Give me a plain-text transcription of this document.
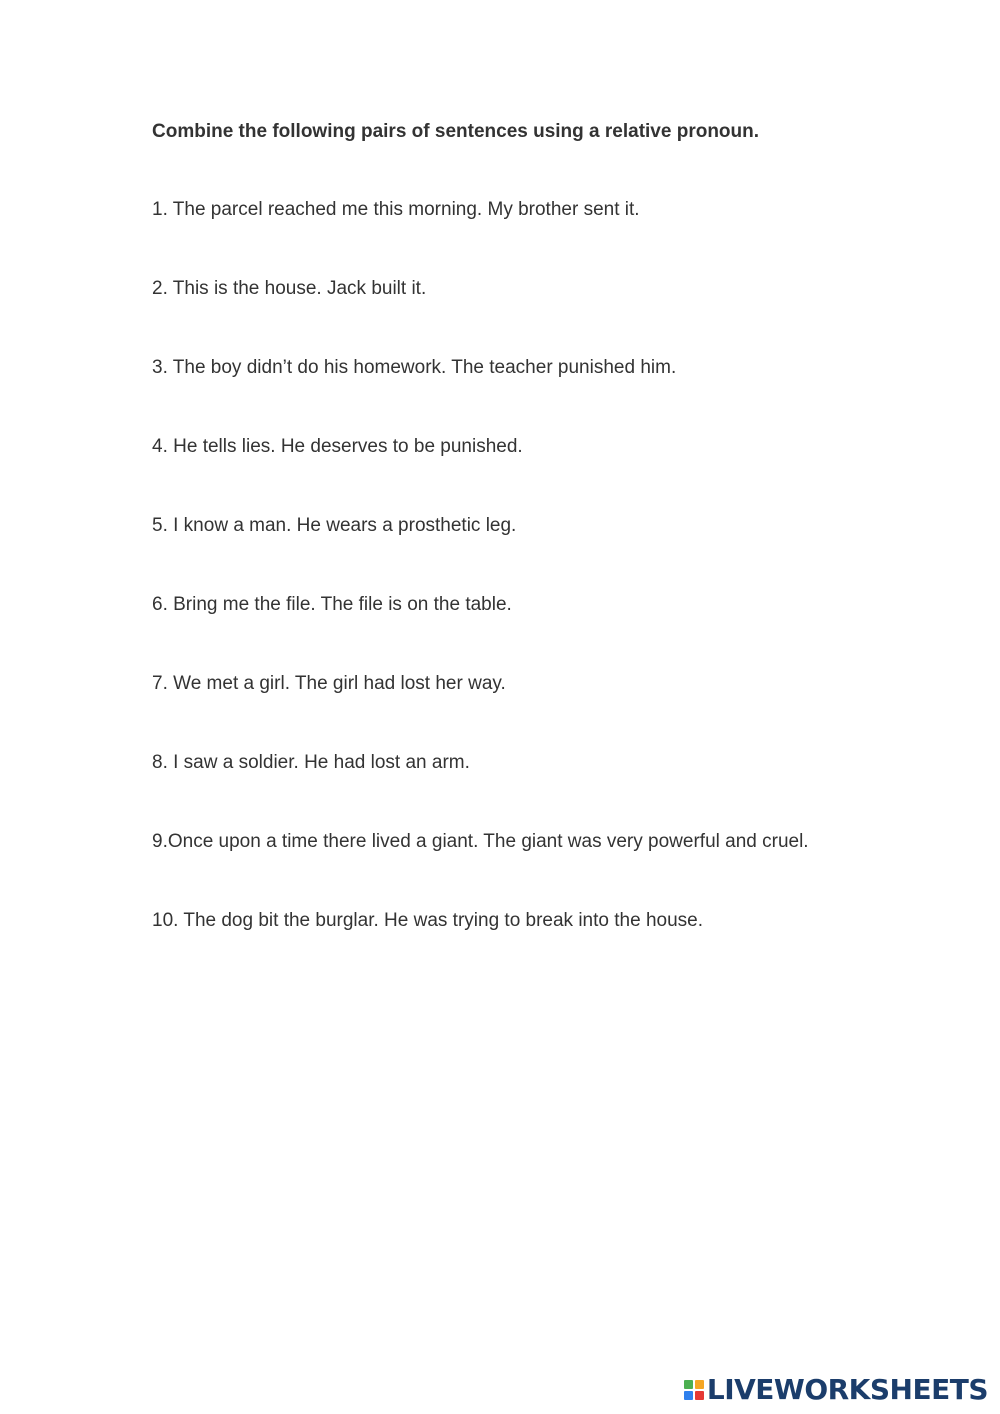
Combine the following pairs of sentences using a relative pronoun.

1. The parcel reached me this morning. My brother sent it.
2. This is the house. Jack built it.
3. The boy didn’t do his homework. The teacher punished him.
4. He tells lies. He deserves to be punished.
5. I know a man. He wears a prosthetic leg.
6. Bring me the file. The file is on the table.
7. We met a girl. The girl had lost her way.
8. I saw a soldier. He had lost an arm.
9.Once upon a time there lived a giant. The giant was very powerful and cruel.
10. The dog bit the burglar. He was trying to break into the house.
LIVEWORKSHEETS
